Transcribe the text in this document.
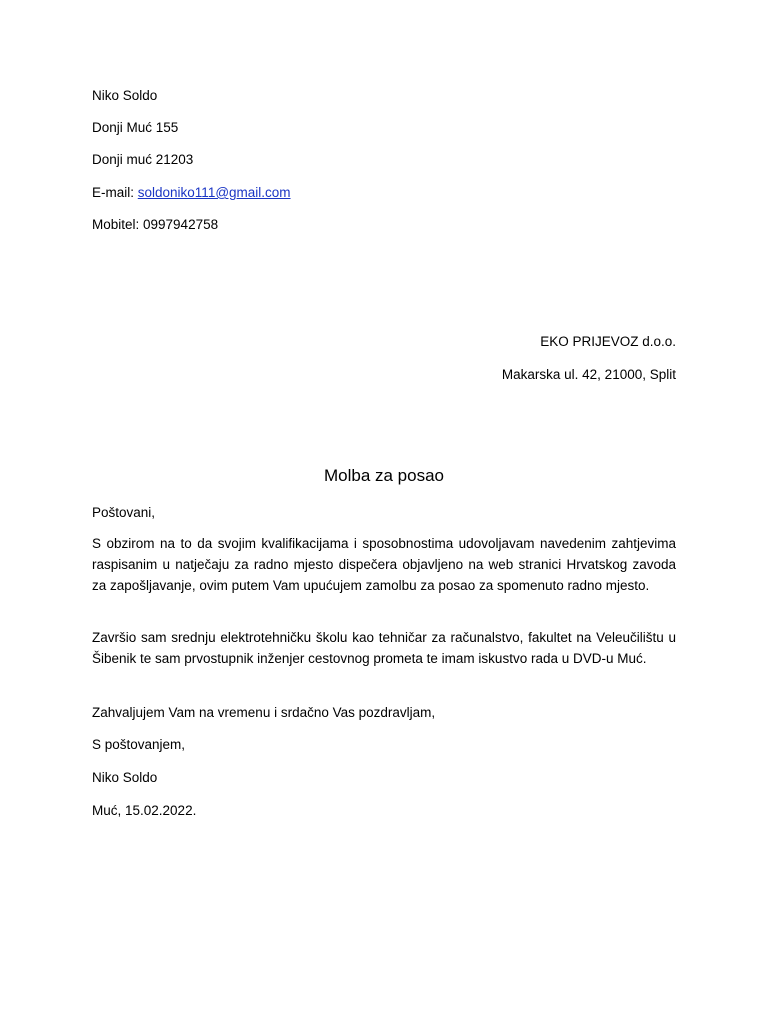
Niko Soldo
Donji Muć 155
Donji muć 21203
E-mail: soldoniko111@gmail.com
Mobitel: 0997942758
EKO PRIJEVOZ d.o.o.
Makarska ul. 42, 21000, Split
Molba za posao
Poštovani,
S obzirom na to da svojim kvalifikacijama i sposobnostima udovoljavam navedenim zahtjevima raspisanim u natječaju za radno mjesto dispečera objavljeno na web stranici Hrvatskog zavoda za zapošljavanje, ovim putem Vam upućujem zamolbu za posao za spomenuto radno mjesto.
Završio sam srednju elektrotehničku školu kao tehničar za računalstvo, fakultet na Veleučilištu u Šibenik te sam prvostupnik inženjer cestovnog prometa te imam iskustvo rada u DVD-u Muć.
Zahvaljujem Vam na vremenu i srdačno Vas pozdravljam,
S poštovanjem,
Niko Soldo
Muć, 15.02.2022.
